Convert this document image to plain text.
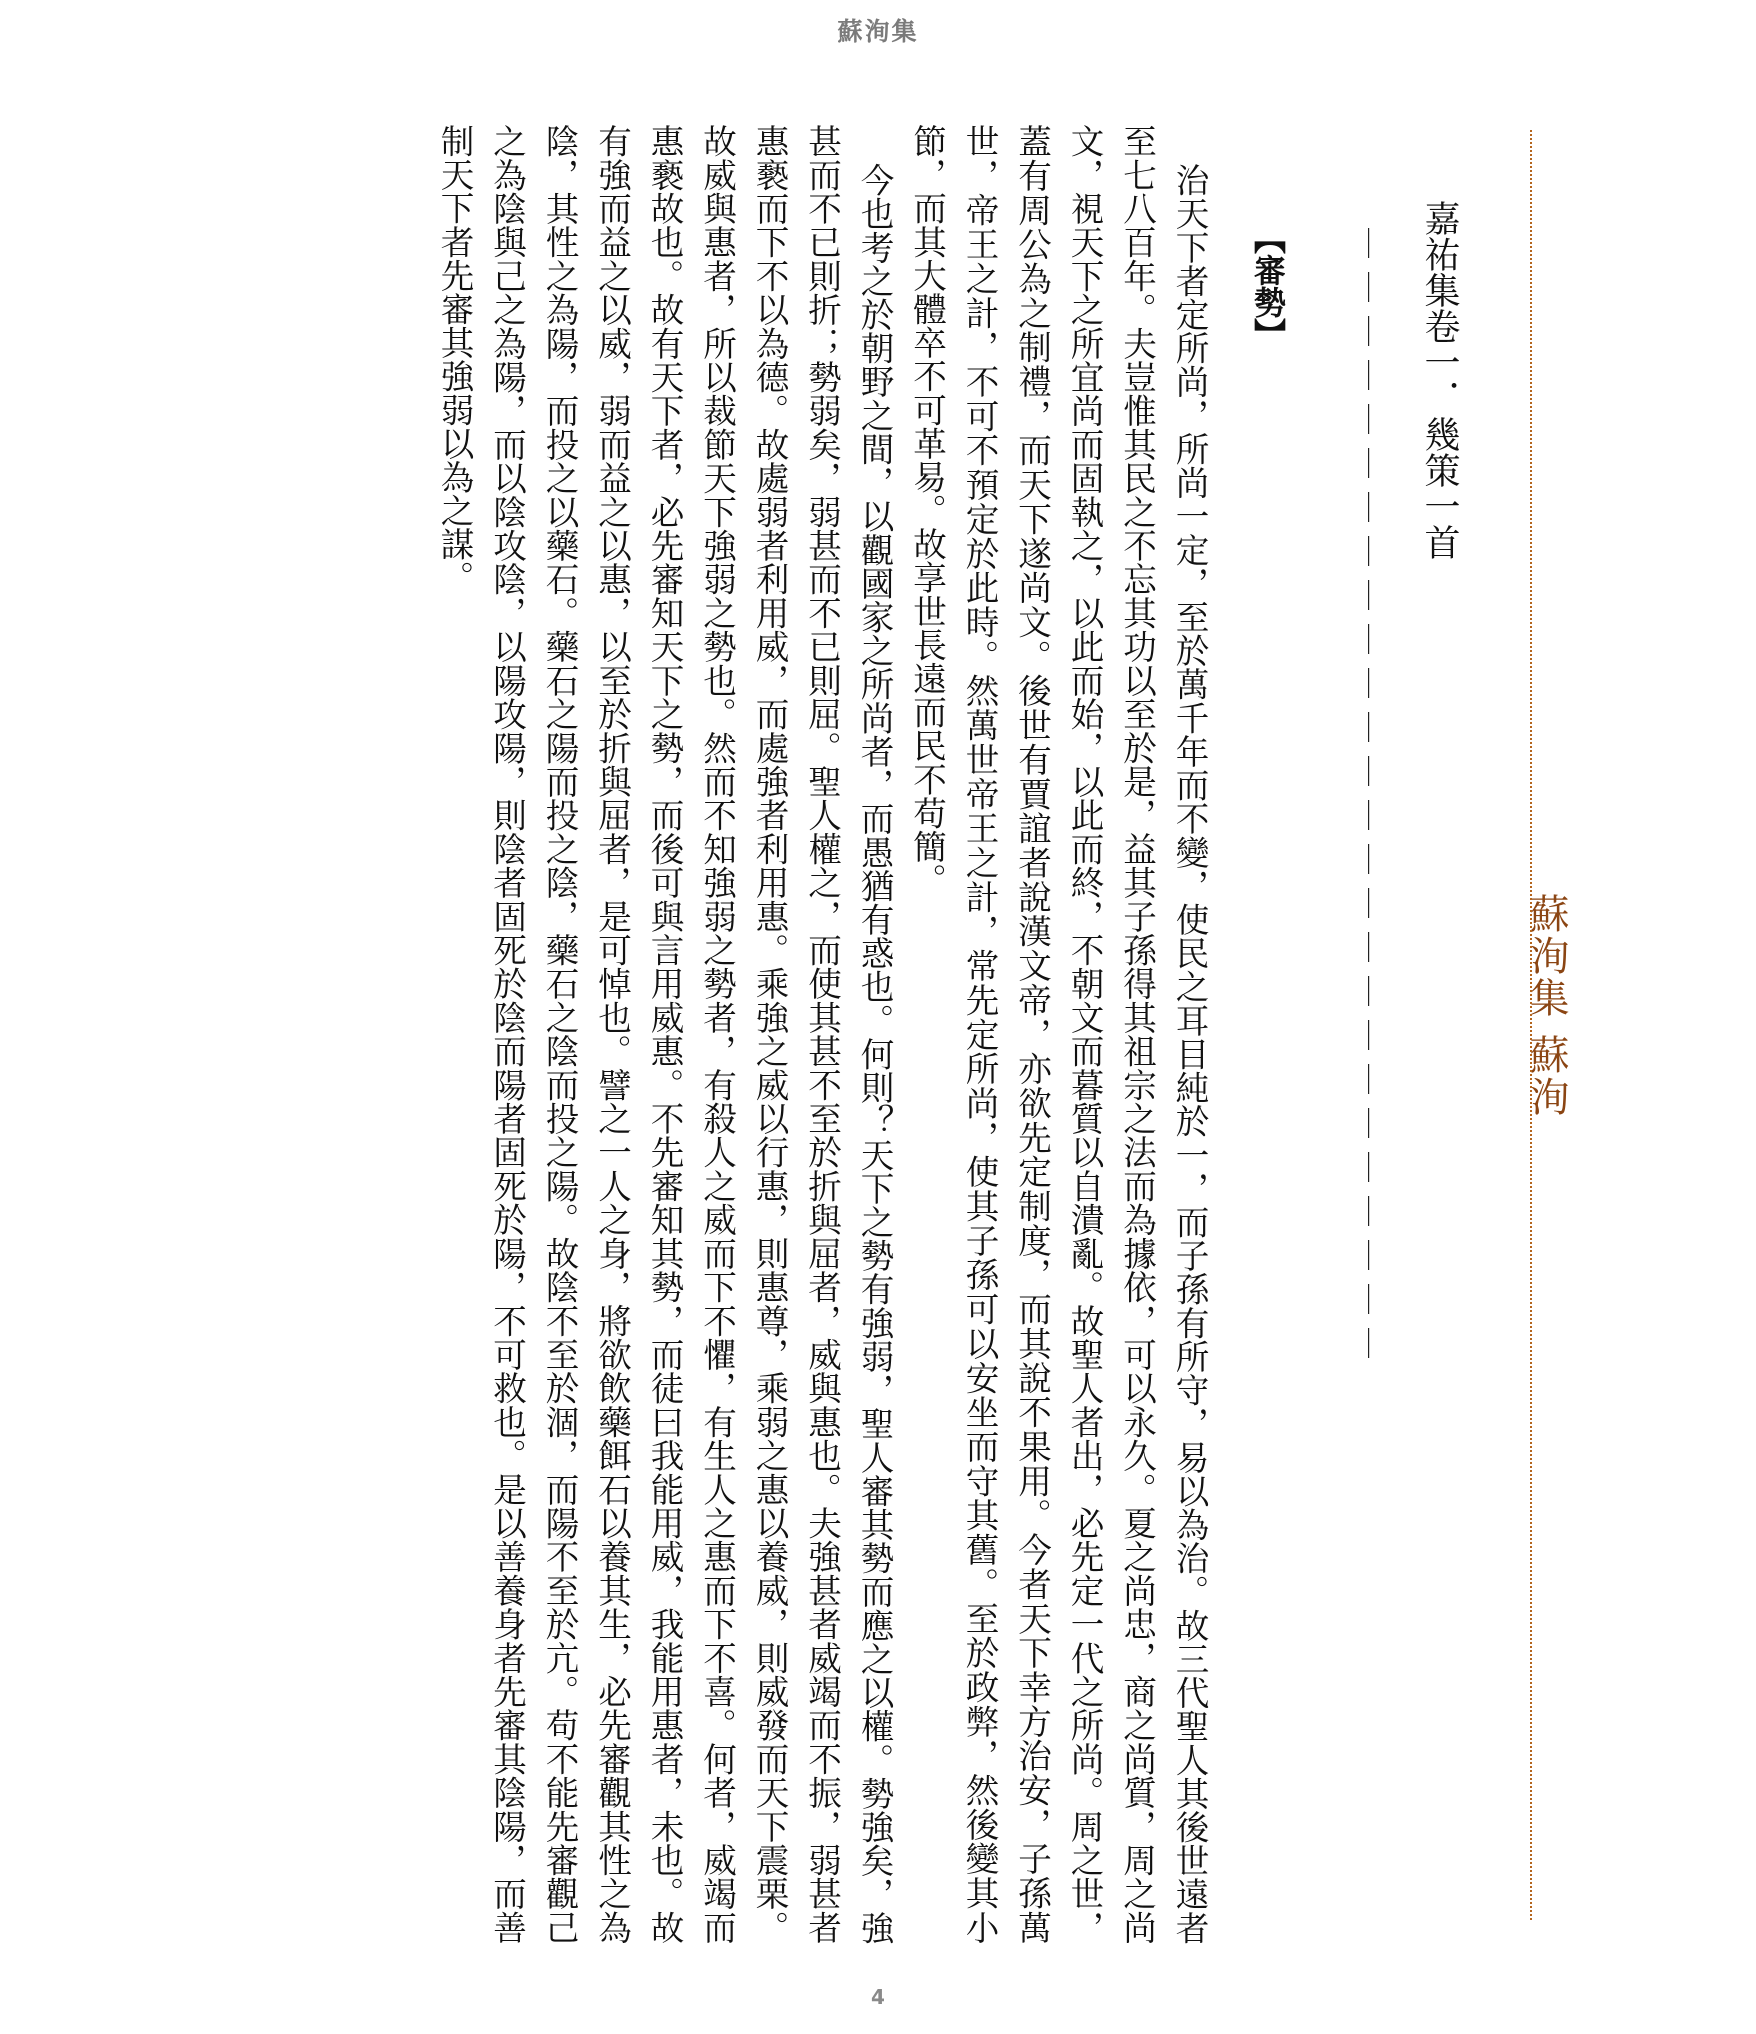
蘇洵集
蘇洵集 蘇洵
嘉祐集卷一．幾策一首
＿＿＿＿＿＿＿＿＿＿＿＿＿＿＿＿＿＿＿＿＿＿＿＿＿＿
【審勢】

治天下者定所尚，所尚一定，至於萬千年而不變，使民之耳目純於一，而子孫有所守，易以為治。故三代聖人其後世遠者至七八百年。夫豈惟其民之不忘其功以至於是，益其子孫得其祖宗之法而為據依，可以永久。夏之尚忠，商之尚質，周之尚文，視天下之所宜尚而固執之，以此而始，以此而終，不朝文而暮質以自潰亂。故聖人者出，必先定一代之所尚。周之世，蓋有周公為之制禮，而天下遂尚文。後世有賈誼者說漢文帝，亦欲先定制度，而其說不果用。今者天下幸方治安，子孫萬世，帝王之計，不可不預定於此時。然萬世帝王之計，常先定所尚，使其子孫可以安坐而守其舊。至於政弊，然後變其小節，而其大體卒不可革易。故享世長遠而民不苟簡。

今也考之於朝野之間，以觀國家之所尚者，而愚猶有惑也。何則？天下之勢有強弱，聖人審其勢而應之以權。勢強矣，強甚而不已則折；勢弱矣，弱甚而不已則屈。聖人權之，而使其甚不至於折與屈者，威與惠也。夫強甚者威竭而不振，弱甚者惠褻而下不以為德。故處弱者利用威，而處強者利用惠。乘強之威以行惠，則惠尊，乘弱之惠以養威，則威發而天下震栗。故威與惠者，所以裁節天下強弱之勢也。然而不知強弱之勢者，有殺人之威而下不懼，有生人之惠而下不喜。何者，威竭而惠褻故也。故有天下者，必先審知天下之勢，而後可與言用威惠。不先審知其勢，而徒曰我能用威，我能用惠者，未也。故有強而益之以威，弱而益之以惠，以至於折與屈者，是可悼也。譬之一人之身，將欲飲藥餌石以養其生，必先審觀其性之為陰，其性之為陽，而投之以藥石。藥石之陽而投之陰，藥石之陰而投之陽。故陰不至於涸，而陽不至於亢。苟不能先審觀己之為陰與己之為陽，而以陰攻陰，以陽攻陽，則陰者固死於陰而陽者固死於陽，不可救也。是以善養身者先審其陰陽，而善制天下者先審其強弱以為之謀。

4
